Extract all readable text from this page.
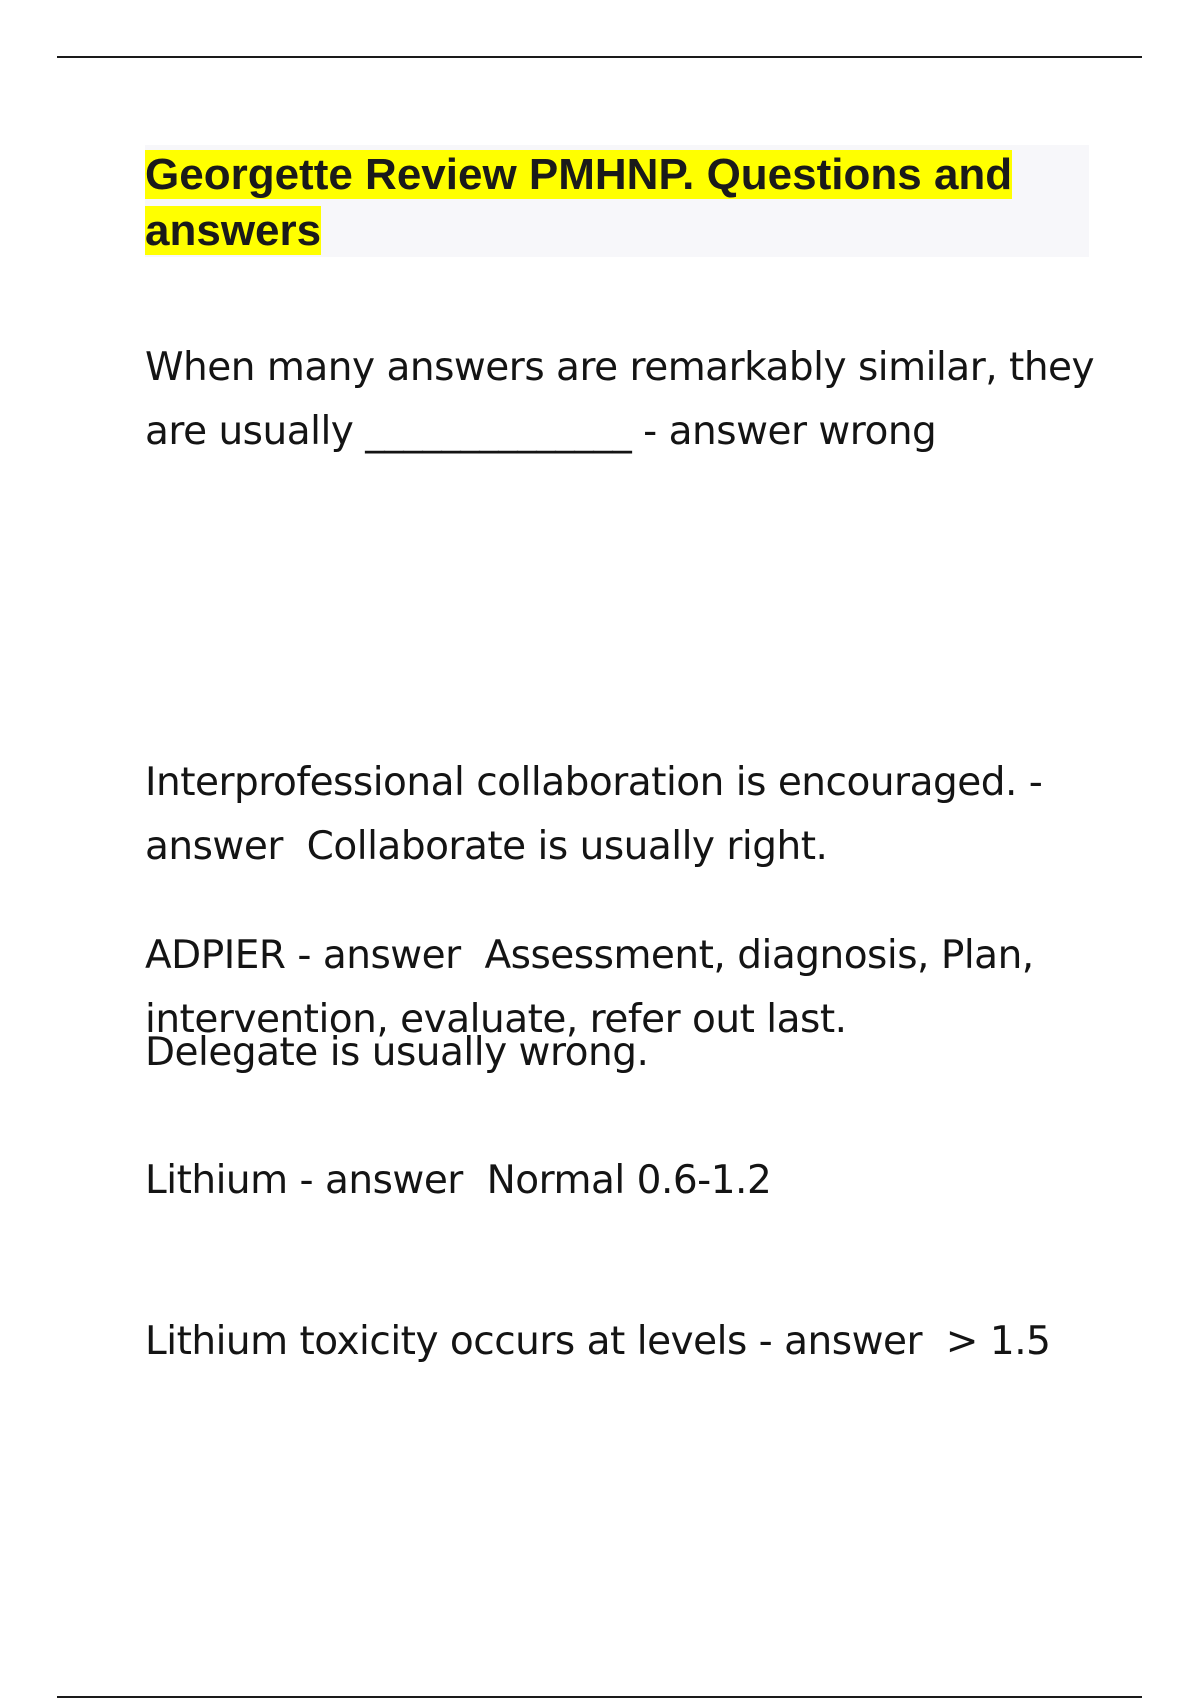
Georgette Review PMHNP. Questions and answers

When many answers are remarkably similar, they are usually ______________ - answer wrong

Interprofessional collaboration is encouraged. - answer  Collaborate is usually right.

Delegate is usually wrong.

ADPIER - answer  Assessment, diagnosis, Plan, intervention, evaluate, refer out last.

Lithium - answer  Normal 0.6-1.2

Lithium toxicity occurs at levels - answer  > 1.5
